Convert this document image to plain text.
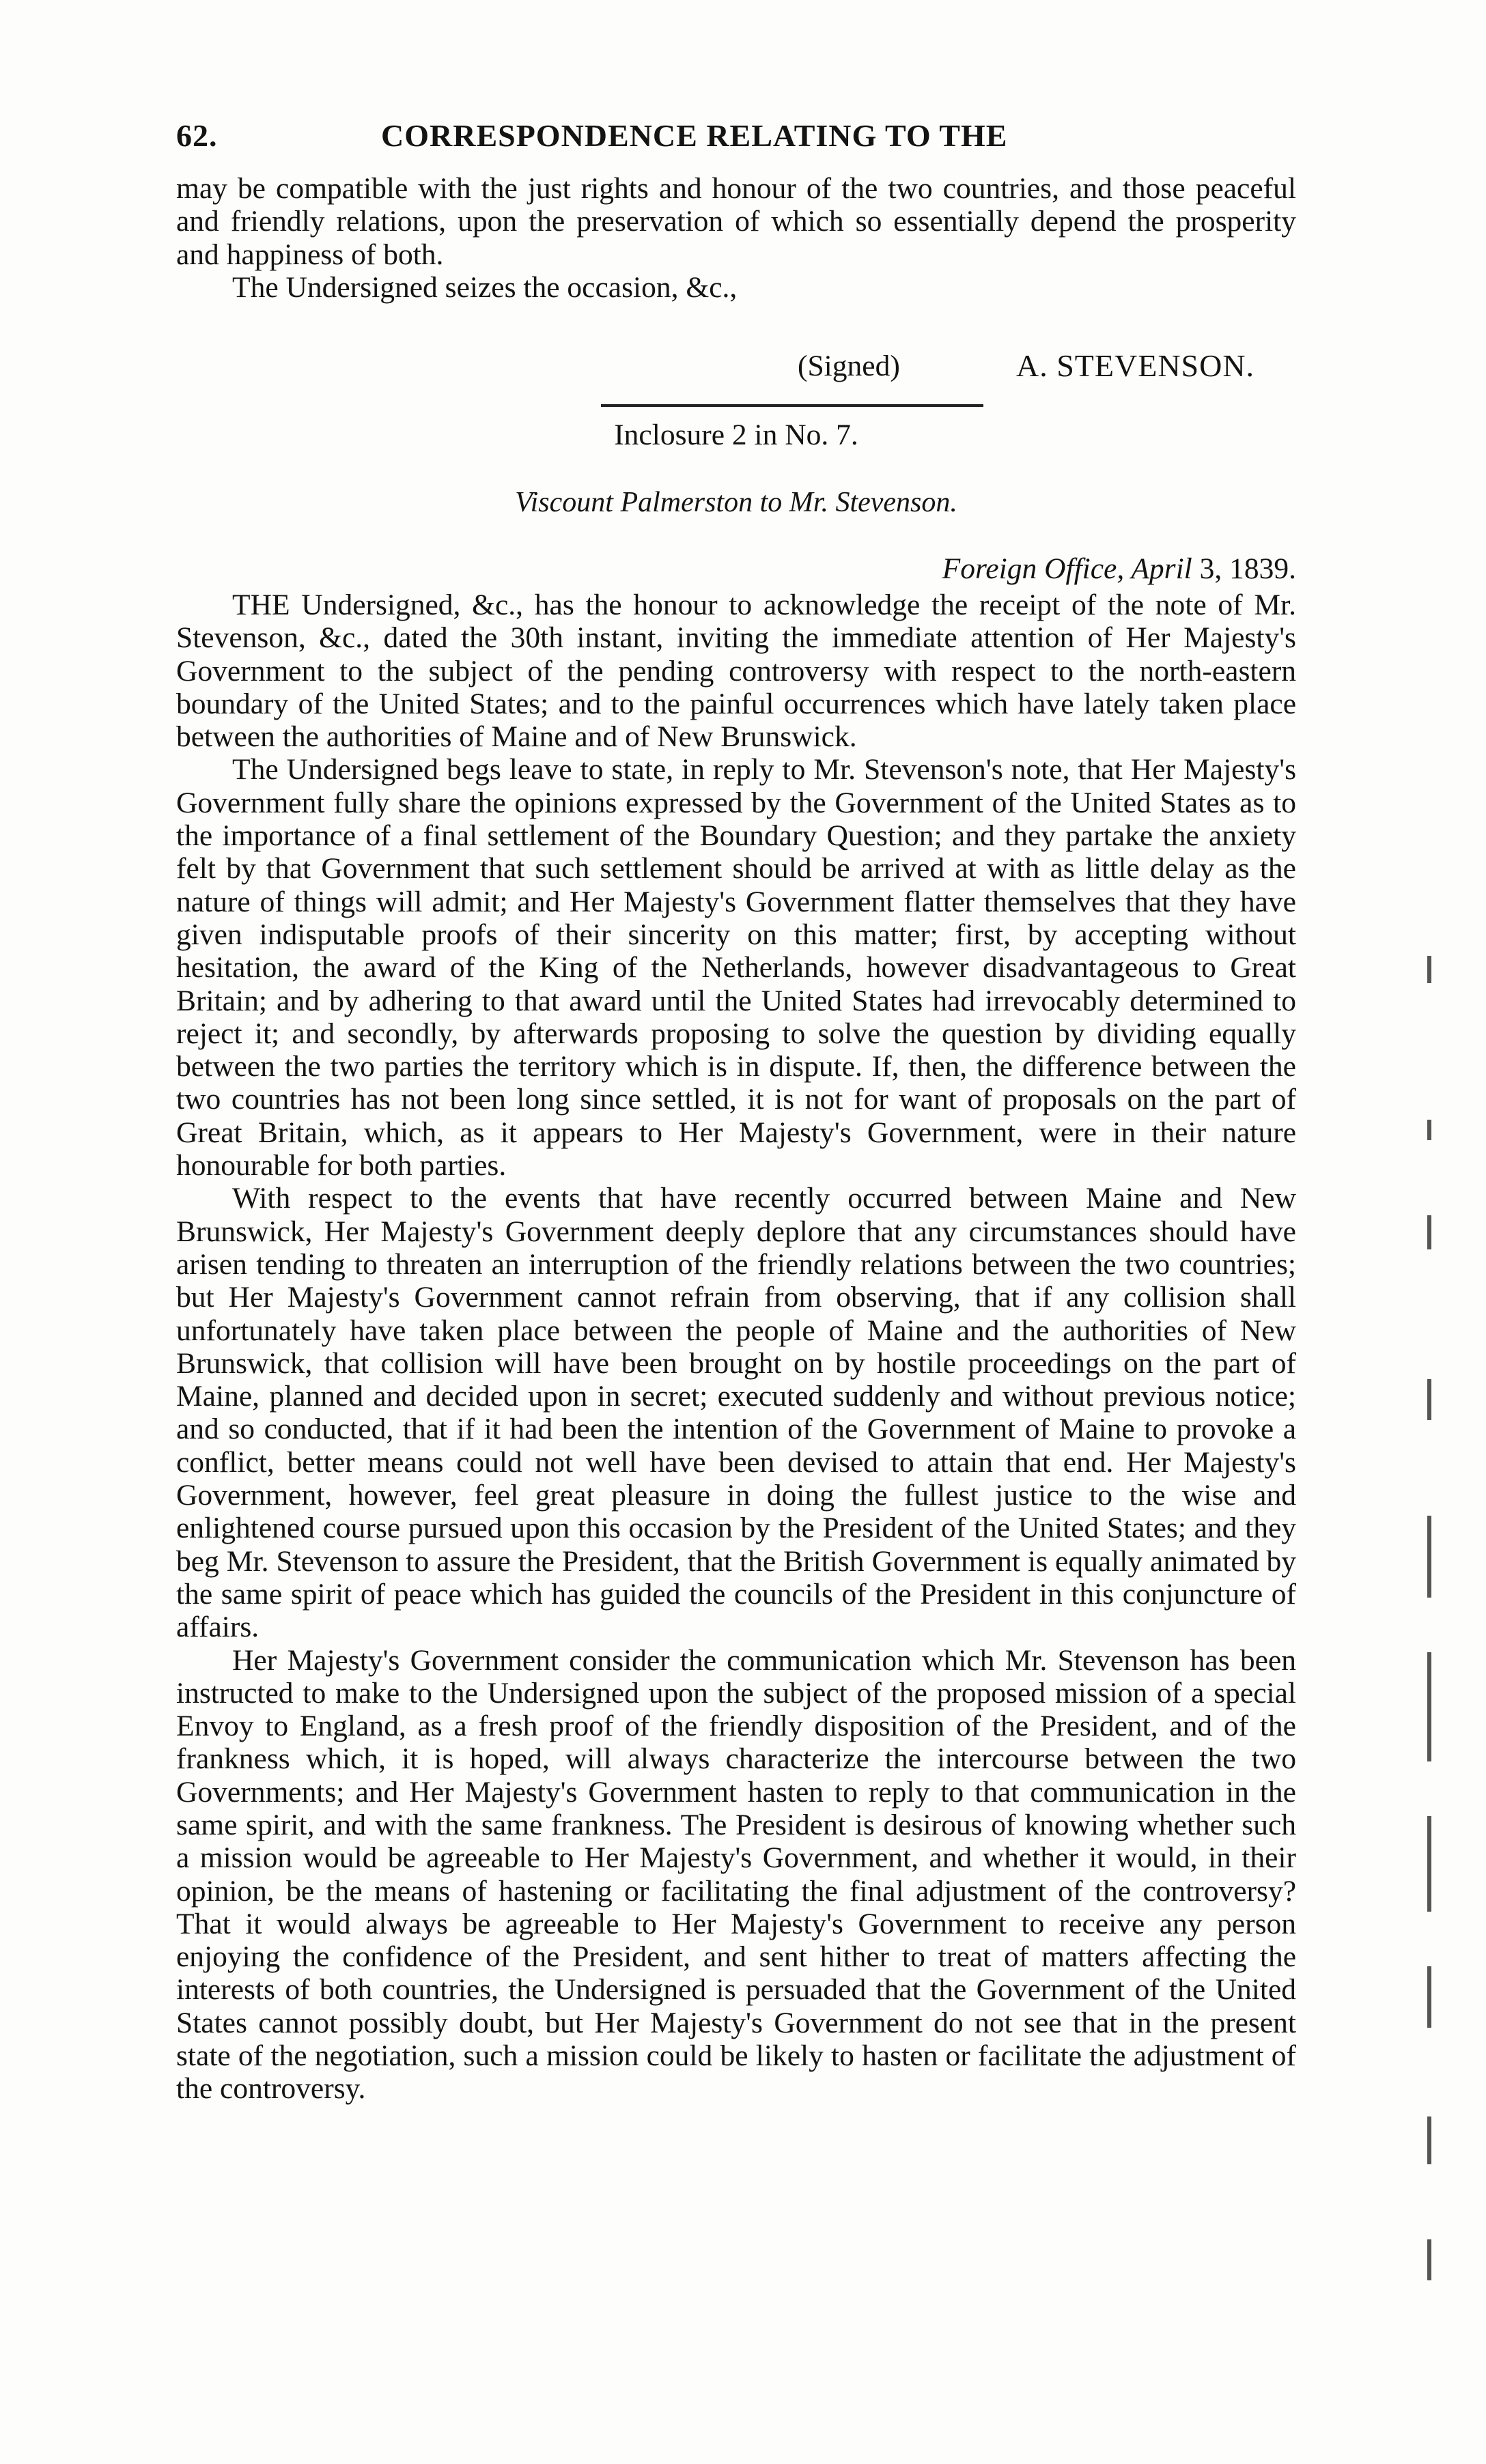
62.	CORRESPONDENCE RELATING TO THE

may be compatible with the just rights and honour of the two countries, and those peaceful and friendly relations, upon the preservation of which so essentially depend the prosperity and happiness of both.

The Undersigned seizes the occasion, &c.,

(Signed)	A. STEVENSON.
Inclosure 2 in No. 7.
Viscount Palmerston to Mr. Stevenson.
Foreign Office, April 3, 1839.

THE Undersigned, &c., has the honour to acknowledge the receipt of the note of Mr. Stevenson, &c., dated the 30th instant, inviting the immediate attention of Her Majesty's Government to the subject of the pending controversy with respect to the north-eastern boundary of the United States; and to the painful occurrences which have lately taken place between the authorities of Maine and of New Brunswick.

The Undersigned begs leave to state, in reply to Mr. Stevenson's note, that Her Majesty's Government fully share the opinions expressed by the Government of the United States as to the importance of a final settlement of the Boundary Question; and they partake the anxiety felt by that Government that such settlement should be arrived at with as little delay as the nature of things will admit; and Her Majesty's Government flatter themselves that they have given indisputable proofs of their sincerity on this matter; first, by accepting without hesitation, the award of the King of the Netherlands, however disadvantageous to Great Britain; and by adhering to that award until the United States had irrevocably determined to reject it; and secondly, by afterwards proposing to solve the question by dividing equally between the two parties the territory which is in dispute. If, then, the difference between the two countries has not been long since settled, it is not for want of proposals on the part of Great Britain, which, as it appears to Her Majesty's Government, were in their nature honourable for both parties.

With respect to the events that have recently occurred between Maine and New Brunswick, Her Majesty's Government deeply deplore that any circumstances should have arisen tending to threaten an interruption of the friendly relations between the two countries; but Her Majesty's Government cannot refrain from observing, that if any collision shall unfortunately have taken place between the people of Maine and the authorities of New Brunswick, that collision will have been brought on by hostile proceedings on the part of Maine, planned and decided upon in secret; executed suddenly and without previous notice; and so conducted, that if it had been the intention of the Government of Maine to provoke a conflict, better means could not well have been devised to attain that end. Her Majesty's Government, however, feel great pleasure in doing the fullest justice to the wise and enlightened course pursued upon this occasion by the President of the United States; and they beg Mr. Stevenson to assure the President, that the British Government is equally animated by the same spirit of peace which has guided the councils of the President in this conjuncture of affairs.

Her Majesty's Government consider the communication which Mr. Stevenson has been instructed to make to the Undersigned upon the subject of the proposed mission of a special Envoy to England, as a fresh proof of the friendly disposition of the President, and of the frankness which, it is hoped, will always characterize the intercourse between the two Governments; and Her Majesty's Government hasten to reply to that communication in the same spirit, and with the same frankness. The President is desirous of knowing whether such a mission would be agreeable to Her Majesty's Government, and whether it would, in their opinion, be the means of hastening or facilitating the final adjustment of the controversy? That it would always be agreeable to Her Majesty's Government to receive any person enjoying the confidence of the President, and sent hither to treat of matters affecting the interests of both countries, the Undersigned is persuaded that the Government of the United States cannot possibly doubt, but Her Majesty's Government do not see that in the present state of the negotiation, such a mission could be likely to hasten or facilitate the adjustment of the controversy.
